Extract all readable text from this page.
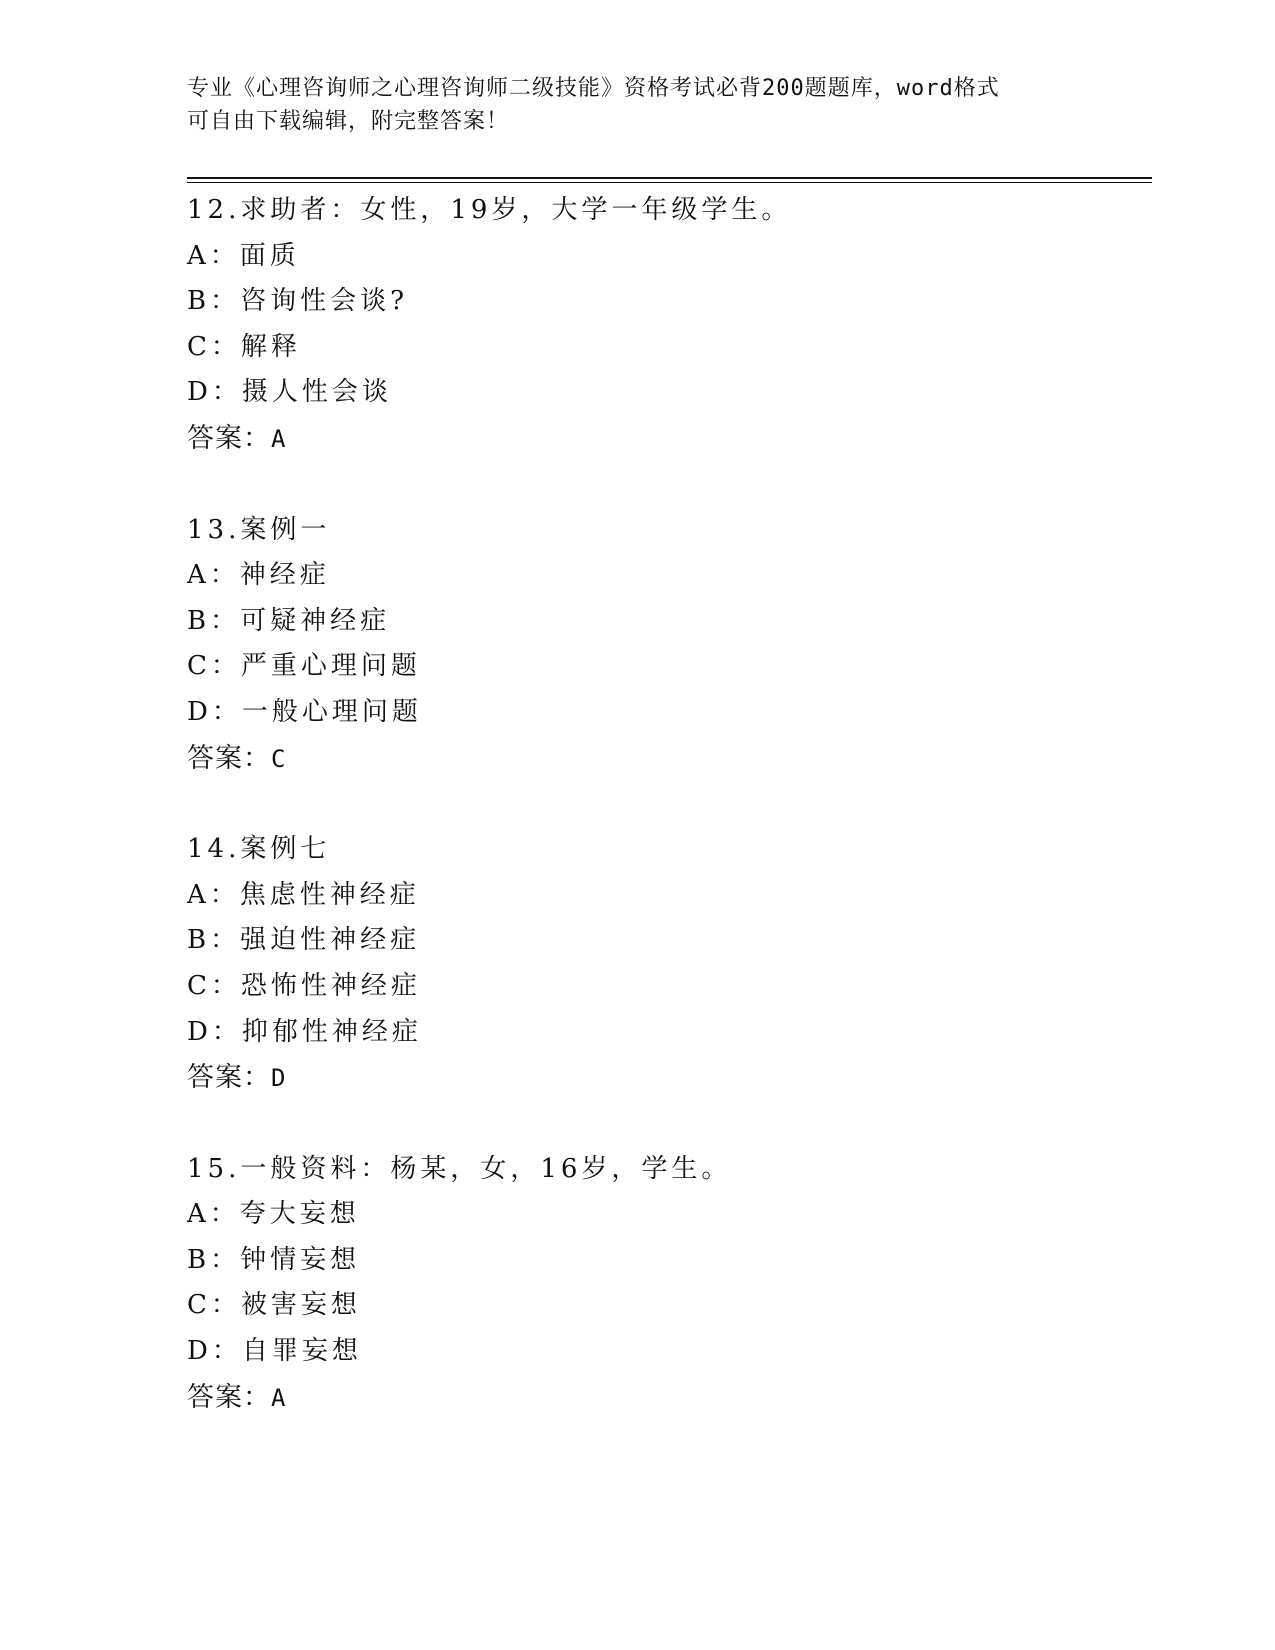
专业《心理咨询师之心理咨询师二级技能》资格考试必背200题题库，word格式
可自由下载编辑，附完整答案！
12.求助者：女性，19岁，大学一年级学生。
A：面质
B：咨询性会谈?
C：解释
D：摄人性会谈
答案：A
13.案例一
A：神经症
B：可疑神经症
C：严重心理问题
D：一般心理问题
答案：C
14.案例七
A：焦虑性神经症
B：强迫性神经症
C：恐怖性神经症
D：抑郁性神经症
答案：D
15.一般资料：杨某，女，16岁，学生。
A：夸大妄想
B：钟情妄想
C：被害妄想
D：自罪妄想
答案：A
